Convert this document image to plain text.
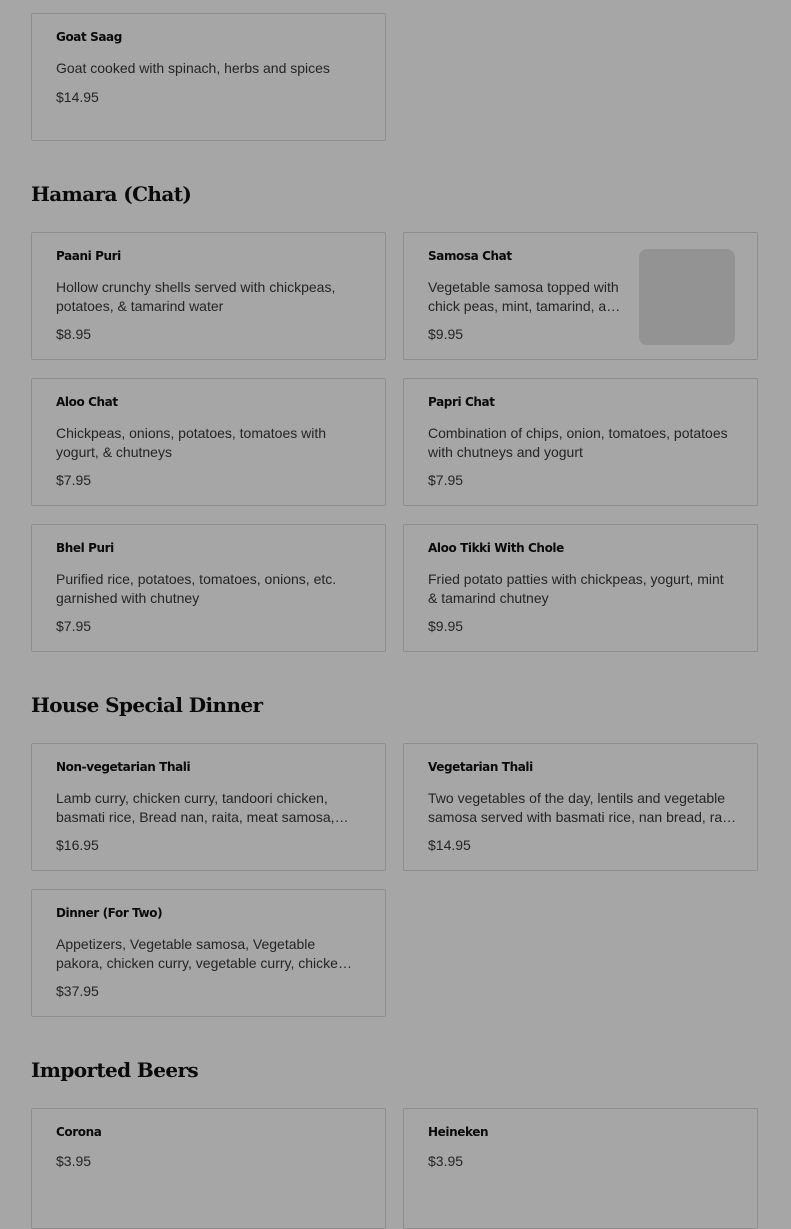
Goat Saag
Goat cooked with spinach, herbs and spices
$14.95
Hamara (Chat)
Paani Puri
Hollow crunchy shells served with chickpeas, potatoes, & tamarind water
$8.95
Samosa Chat
Vegetable samosa topped with chick peas, mint, tamarind, and
$9.95
Aloo Chat
Chickpeas, onions, potatoes, tomatoes with yogurt, & chutneys
$7.95
Papri Chat
Combination of chips, onion, tomatoes, potatoes with chutneys and yogurt
$7.95
Bhel Puri
Purified rice, potatoes, tomatoes, onions, etc. garnished with chutney
$7.95
Aloo Tikki With Chole
Fried potato patties with chickpeas, yogurt, mint & tamarind chutney
$9.95
House Special Dinner
Non-vegetarian Thali
Lamb curry, chicken curry, tandoori chicken, basmati rice, Bread nan, raita, meat samosa,
$16.95
Vegetarian Thali
Two vegetables of the day, lentils and vegetable samosa served with basmati rice, nan bread, raita
$14.95
Dinner (For Two)
Appetizers, Vegetable samosa, Vegetable pakora, chicken curry, vegetable curry, chicken
$37.95
Imported Beers
Corona
$3.95
Heineken
$3.95
